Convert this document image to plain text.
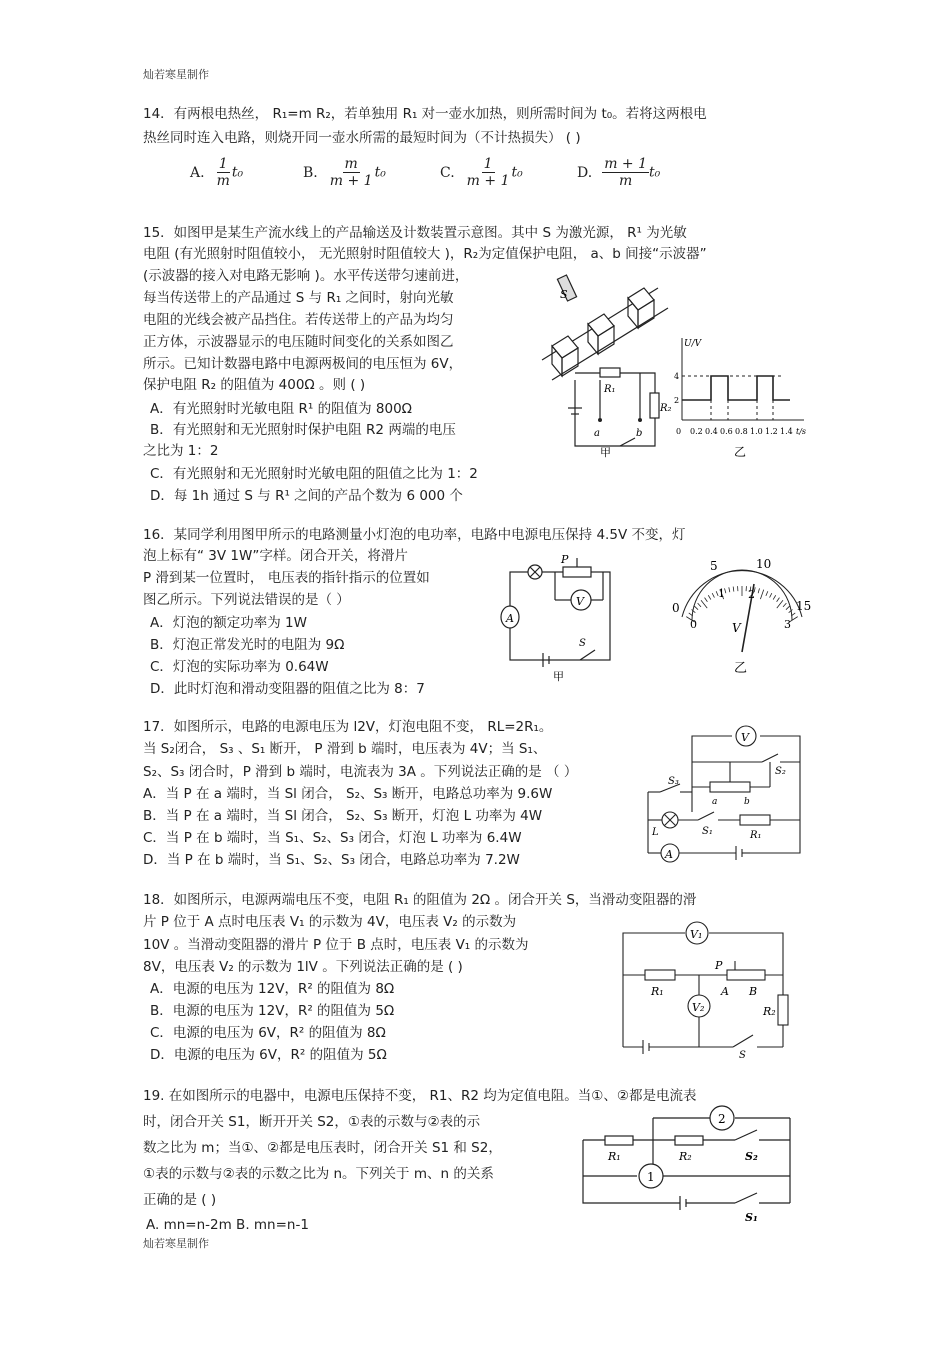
灿若寒星制作
14．有两根电热丝， R₁=m R₂，若单独用 R₁ 对一壶水加热，则所需时间为 t₀。若将这两根电
热丝同时连入电路，则烧开同一壶水所需的最短时间为（不计热损失） ( )
A. $\frac{1}{m} t_0$	B. $\frac{m}{m + 1} t_0$	C. $\frac{1}{m + 1} t_0$	D. $\frac{m + 1}{m} t_0$
15．如图甲是某生产流水线上的产品输送及计数装置示意图。其中 S 为激光源， R¹ 为光敏
电阻 (有光照射时阻值较小， 无光照射时阻值较大 )，R₂为定值保护电阻， a、b 间接“示波器”
(示波器的接入对电路无影响 )。水平传送带匀速前进，
每当传送带上的产品通过 S 与 R₁ 之间时，射向光敏
电阻的光线会被产品挡住。若传送带上的产品为均匀
正方体，示波器显示的电压随时间变化的关系如图乙
所示。已知计数器电路中电源两极间的电压恒为 6V，
保护电阻 R₂ 的阻值为 400Ω 。则 ( )
A．有光照射时光敏电阻 R¹ 的阻值为 800Ω
B．有光照射和无光照射时保护电阻 R2 两端的电压
之比为 1：2
C．有光照射和无光照射时光敏电阻的阻值之比为 1：2
D．每 1h 通过 S 与 R¹ 之间的产品个数为 6 000 个
S
R₁
R₂
a	b
甲
U/V
4
2
0 0.2 0.4 0.6 0.8 1.0 1.2 1.4 t/s
乙
16．某同学利用图甲所示的电路测量小灯泡的电功率，电路中电源电压保持 4.5V 不变，灯
泡上标有“ 3V 1W”字样。闭合开关，将滑片
P 滑到某一位置时， 电压表的指针指示的位置如
图乙所示。下列说法错误的是（ ）
A．灯泡的额定功率为 1W
B．灯泡正常发光时的电阻为 9Ω
C．灯泡的实际功率为 0.64W
D．此时灯泡和滑动变阻器的阻值之比为 8：7
P
V
A
S
甲
0
5	10
15
0
1 2
3
V
乙
17．如图所示，电路的电源电压为 l2V，灯泡电阻不变， RL=2R₁。
当 S₂闭合， S₃ 、S₁ 断开， P 滑到 b 端时，电压表为 4V；当 S₁、
S₂、S₃ 闭合时，P 滑到 b 端时，电流表为 3A 。下列说法正确的是 （ ）
A．当 P 在 a 端时，当 Sl 闭合， S₂、S₃ 断开，电路总功率为 9.6W
B．当 P 在 a 端时，当 Sl 闭合， S₂、S₃ 断开，灯泡 L 功率为 4W
C．当 P 在 b 端时，当 S₁、S₂、S₃ 闭合，灯泡 L 功率为 6.4W
D．当 P 在 b 端时，当 S₁、S₂、S₃ 闭合，电路总功率为 7.2W
V
S₂
S₃
a	b
L	S₁	R₁
A
18．如图所示，电源两端电压不变，电阻 R₁ 的阻值为 2Ω 。闭合开关 S，当滑动变阻器的滑
片 P 位于 A 点时电压表 V₁ 的示数为 4V，电压表 V₂ 的示数为
10V 。当滑动变阻器的滑片 P 位于 B 点时，电压表 V₁ 的示数为
8V，电压表 V₂ 的示数为 1lV 。下列说法正确的是 ( )
A．电源的电压为 12V，R² 的阻值为 8Ω
B．电源的电压为 12V，R² 的阻值为 5Ω
C．电源的电压为 6V，R² 的阻值为 8Ω
D．电源的电压为 6V，R² 的阻值为 5Ω
V₁
P
R₁	A B
V₂	R₂
S
19. 在如图所示的电器中，电源电压保持不变， R1、R2 均为定值电阻。当①、②都是电流表
时，闭合开关 S1，断开开关 S2，①表的示数与②表的示
数之比为 m；当①、②都是电压表时，闭合开关 S1 和 S2，
①表的示数与②表的示数之比为 n。下列关于 m、n 的关系
正确的是 ( )
A. mn=n-2m B. mn=n-1
2
R₁	R₂	S₂
1
S₁
灿若寒星制作
